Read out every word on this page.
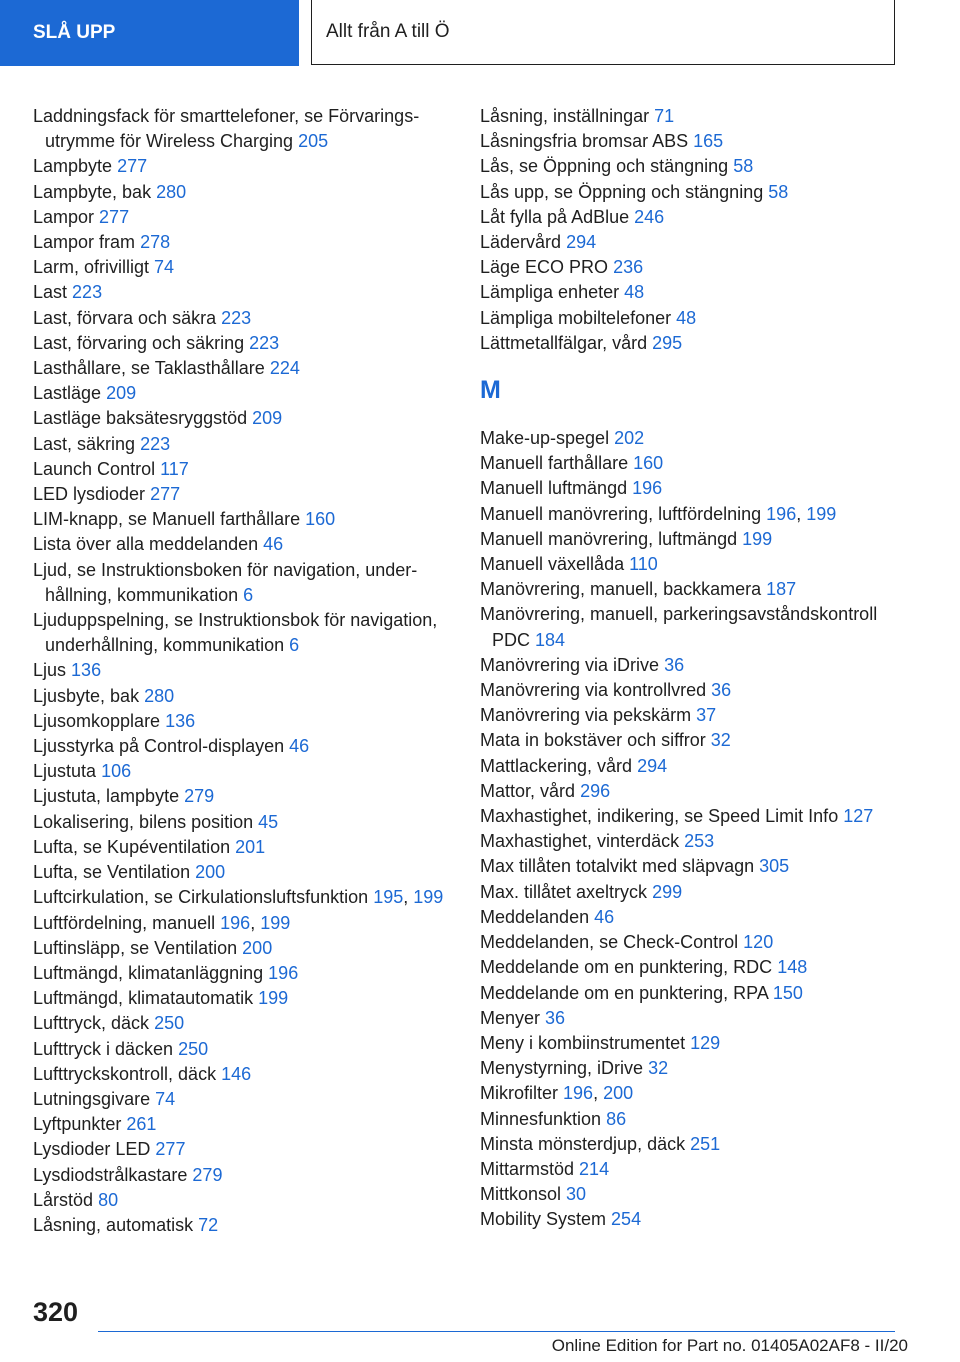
SLÅ UPP	Allt från A till Ö
Laddningsfack för smarttelefoner, se Förvaringsutrymme för Wireless Charging 205
Lampbyte 277
Lampbyte, bak 280
Lampor 277
Lampor fram 278
Larm, ofrivilligt 74
Last 223
Last, förvara och säkra 223
Last, förvaring och säkring 223
Lasthållare, se Taklasthållare 224
Lastläge 209
Lastläge baksätesryggstöd 209
Last, säkring 223
Launch Control 117
LED lysdioder 277
LIM-knapp, se Manuell farthållare 160
Lista över alla meddelanden 46
Ljud, se Instruktionsboken för navigation, underhållning, kommunikation 6
Ljuduppspelning, se Instruktionsbok för navigation, underhållning, kommunikation 6
Ljus 136
Ljusbyte, bak 280
Ljusomkopplare 136
Ljusstyrka på Control-displayen 46
Ljustuta 106
Ljustuta, lampbyte 279
Lokalisering, bilens position 45
Lufta, se Kupéventilation 201
Lufta, se Ventilation 200
Luftcirkulation, se Cirkulationsluftsfunktion 195, 199
Luftfördelning, manuell 196, 199
Luftinsläpp, se Ventilation 200
Luftmängd, klimatanläggning 196
Luftmängd, klimatautomatik 199
Lufttryck, däck 250
Lufttryck i däcken 250
Lufttryckskontroll, däck 146
Lutningsgivare 74
Lyftpunkter 261
Lysdioder LED 277
Lysdiodstrålkastare 279
Lårstöd 80
Låsning, automatisk 72
Låsning, inställningar 71
Låsningsfria bromsar ABS 165
Lås, se Öppning och stängning 58
Lås upp, se Öppning och stängning 58
Låt fylla på AdBlue 246
Lädervård 294
Läge ECO PRO 236
Lämpliga enheter 48
Lämpliga mobiltelefoner 48
Lättmetallfälgar, vård 295
M
Make-up-spegel 202
Manuell farthållare 160
Manuell luftmängd 196
Manuell manövrering, luftfördelning 196, 199
Manuell manövrering, luftmängd 199
Manuell växellåda 110
Manövrering, manuell, backkamera 187
Manövrering, manuell, parkeringsavståndskontroll PDC 184
Manövrering via iDrive 36
Manövrering via kontrollvred 36
Manövrering via pekskärm 37
Mata in bokstäver och siffror 32
Mattlackering, vård 294
Mattor, vård 296
Maxhastighet, indikering, se Speed Limit Info 127
Maxhastighet, vinterdäck 253
Max tillåten totalvikt med släpvagn 305
Max. tillåtet axeltryck 299
Meddelanden 46
Meddelanden, se Check-Control 120
Meddelande om en punktering, RDC 148
Meddelande om en punktering, RPA 150
Menyer 36
Meny i kombiinstrumentet 129
Menystyrning, iDrive 32
Mikrofilter 196, 200
Minnesfunktion 86
Minsta mönsterdjup, däck 251
Mittarmstöd 214
Mittkonsol 30
Mobility System 254
320
Online Edition for Part no. 01405A02AF8 - II/20
